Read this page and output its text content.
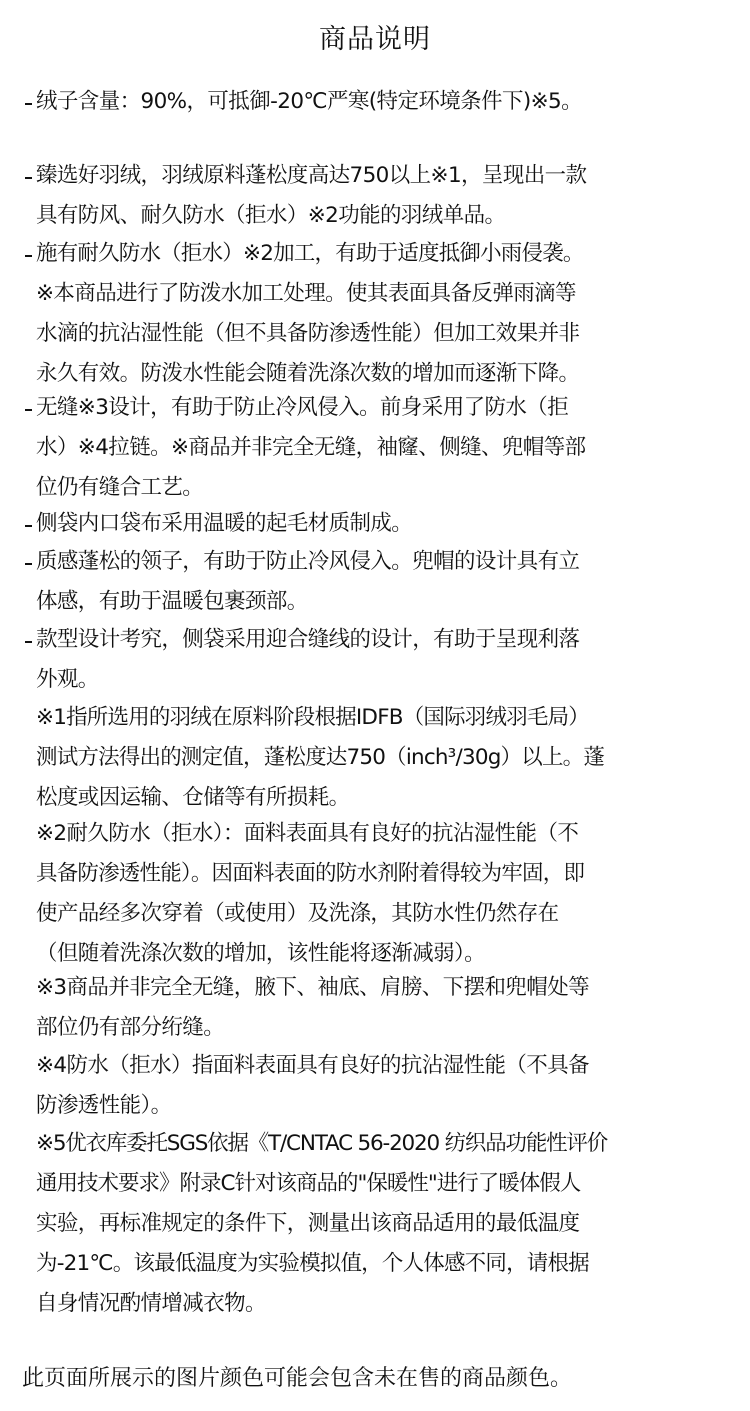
商品说明
绒子含量：90%，可抵御-20℃严寒(特定环境条件下)※5。
臻选好羽绒，羽绒原料蓬松度高达750以上※1，呈现出一款
具有防风、耐久防水（拒水）※2功能的羽绒单品。
施有耐久防水（拒水）※2加工，有助于适度抵御小雨侵袭。
※本商品进行了防泼水加工处理。使其表面具备反弹雨滴等
水滴的抗沾湿性能（但不具备防渗透性能）但加工效果并非
永久有效。防泼水性能会随着洗涤次数的增加而逐渐下降。
无缝※3设计，有助于防止冷风侵入。前身采用了防水（拒
水）※4拉链。※商品并非完全无缝，袖窿、侧缝、兜帽等部
位仍有缝合工艺。
侧袋内口袋布采用温暖的起毛材质制成。
质感蓬松的领子，有助于防止冷风侵入。兜帽的设计具有立
体感，有助于温暖包裹颈部。
款型设计考究，侧袋采用迎合缝线的设计，有助于呈现利落
外观。
※1指所选用的羽绒在原料阶段根据IDFB（国际羽绒羽毛局）
测试方法得出的测定值，蓬松度达750（inch³/30g）以上。蓬
松度或因运输、仓储等有所损耗。
※2耐久防水（拒水）：面料表面具有良好的抗沾湿性能（不
具备防渗透性能）。因面料表面的防水剂附着得较为牢固，即
使产品经多次穿着（或使用）及洗涤，其防水性仍然存在
（但随着洗涤次数的增加，该性能将逐渐减弱）。
※3商品并非完全无缝，腋下、袖底、肩膀、下摆和兜帽处等
部位仍有部分绗缝。
※4防水（拒水）指面料表面具有良好的抗沾湿性能（不具备
防渗透性能）。
※5优衣库委托SGS依据《T/CNTAC 56-2020 纺织品功能性评价
通用技术要求》附录C针对该商品的"保暖性"进行了暖体假人
实验，再标准规定的条件下，测量出该商品适用的最低温度
为-21℃。该最低温度为实验模拟值，个人体感不同，请根据
自身情况酌情增减衣物。
此页面所展示的图片颜色可能会包含未在售的商品颜色。
